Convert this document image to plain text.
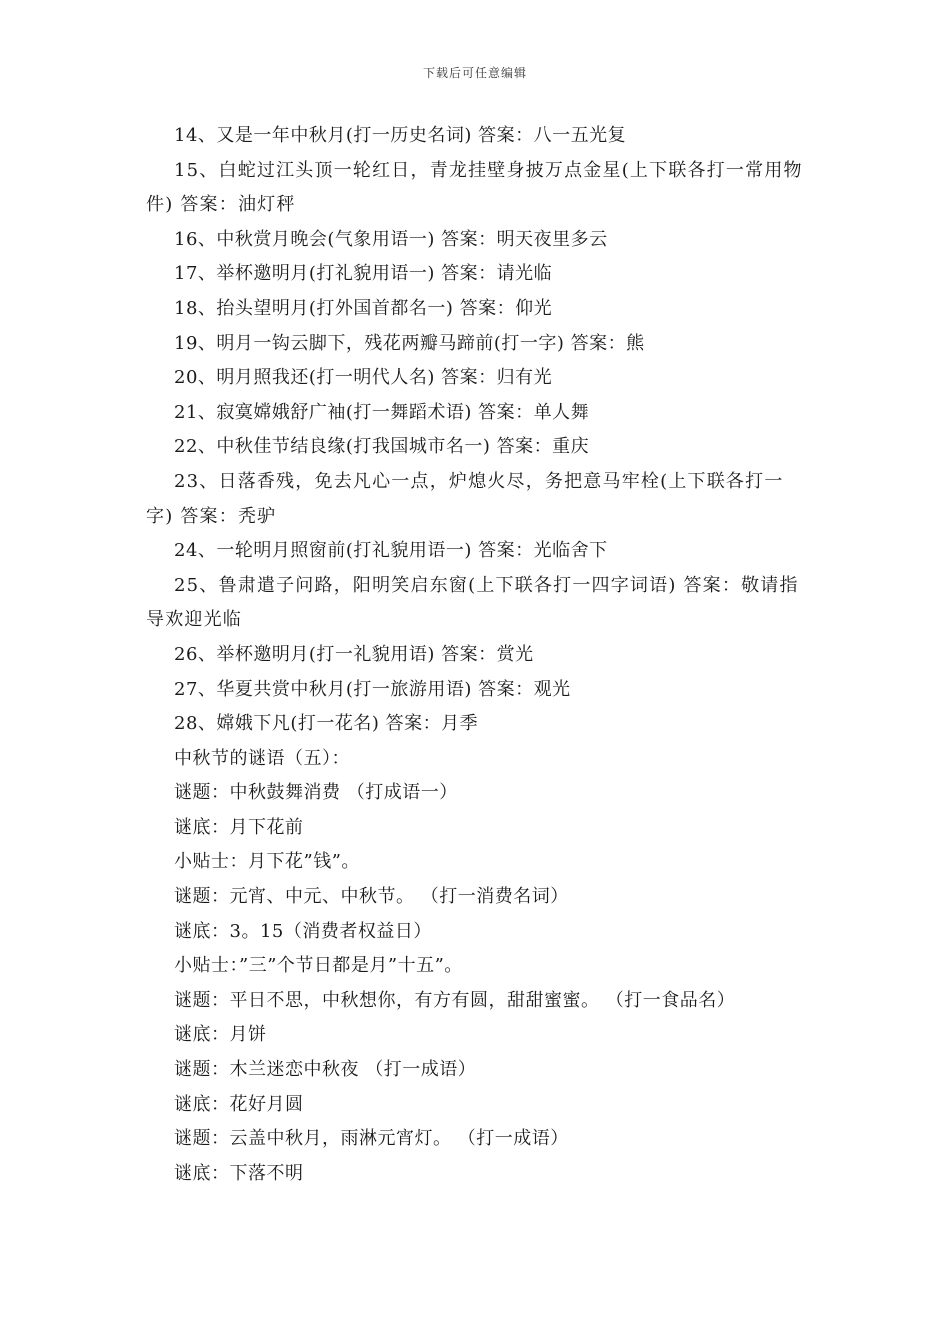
下载后可任意编辑
14、又是一年中秋月(打一历史名词) 答案：八一五光复
15、白蛇过江头顶一轮红日，青龙挂壁身披万点金星(上下联各打一常用物件) 答案：油灯秤
16、中秋赏月晚会(气象用语一) 答案：明天夜里多云
17、举杯邀明月(打礼貌用语一) 答案：请光临
18、抬头望明月(打外国首都名一) 答案：仰光
19、明月一钩云脚下，残花两瓣马蹄前(打一字) 答案：熊
20、明月照我还(打一明代人名) 答案：归有光
21、寂寞嫦娥舒广袖(打一舞蹈术语) 答案：单人舞
22、中秋佳节结良缘(打我国城市名一) 答案：重庆
23、日落香残，免去凡心一点，炉熄火尽，务把意马牢栓(上下联各打一字) 答案：秃驴
24、一轮明月照窗前(打礼貌用语一) 答案：光临舍下
25、鲁肃遣子问路，阳明笑启东窗(上下联各打一四字词语) 答案：敬请指导欢迎光临
26、举杯邀明月(打一礼貌用语) 答案：赏光
27、华夏共赏中秋月(打一旅游用语) 答案：观光
28、嫦娥下凡(打一花名) 答案：月季
中秋节的谜语（五）：
谜题：中秋鼓舞消费 （打成语一）
谜底：月下花前
小贴士：月下花”钱”。
谜题：元宵、中元、中秋节。 （打一消费名词）
谜底：3。15（消费者权益日）
小贴士：”三”个节日都是月”十五”。
谜题：平日不思，中秋想你，有方有圆，甜甜蜜蜜。 （打一食品名）
谜底：月饼
谜题：木兰迷恋中秋夜 （打一成语）
谜底：花好月圆
谜题：云盖中秋月，雨淋元宵灯。 （打一成语）
谜底：下落不明
